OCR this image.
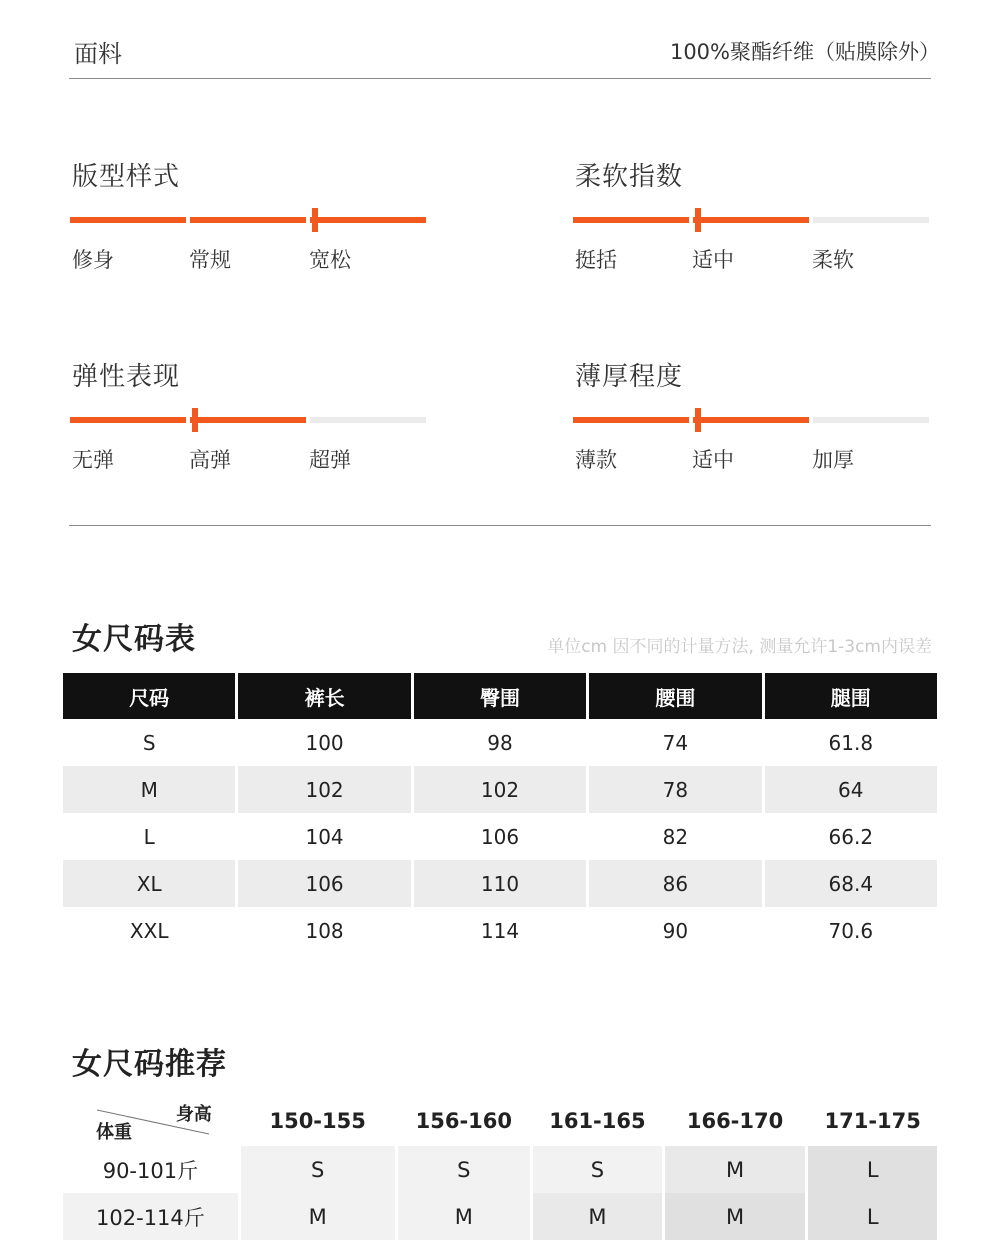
面料	100%聚酯纤维（贴膜除外）
版型样式
修身	常规	宽松
柔软指数
挺括	适中	柔软
弹性表现
无弹	高弹	超弹
薄厚程度
薄款	适中	加厚
女尺码表	单位cm 因不同的计量方法, 测量允许1-3cm内误差
尺码	裤长	臀围	腰围	腿围
S	100	98	74	61.8
M	102	102	78	64
L	104	106	82	66.2
XL	106	110	86	68.4
XXL	108	114	90	70.6
女尺码推荐
身高
体重	150-155	156-160	161-165	166-170	171-175
90-101斤	S	S	S	M	L
102-114斤	M	M	M	M	L
